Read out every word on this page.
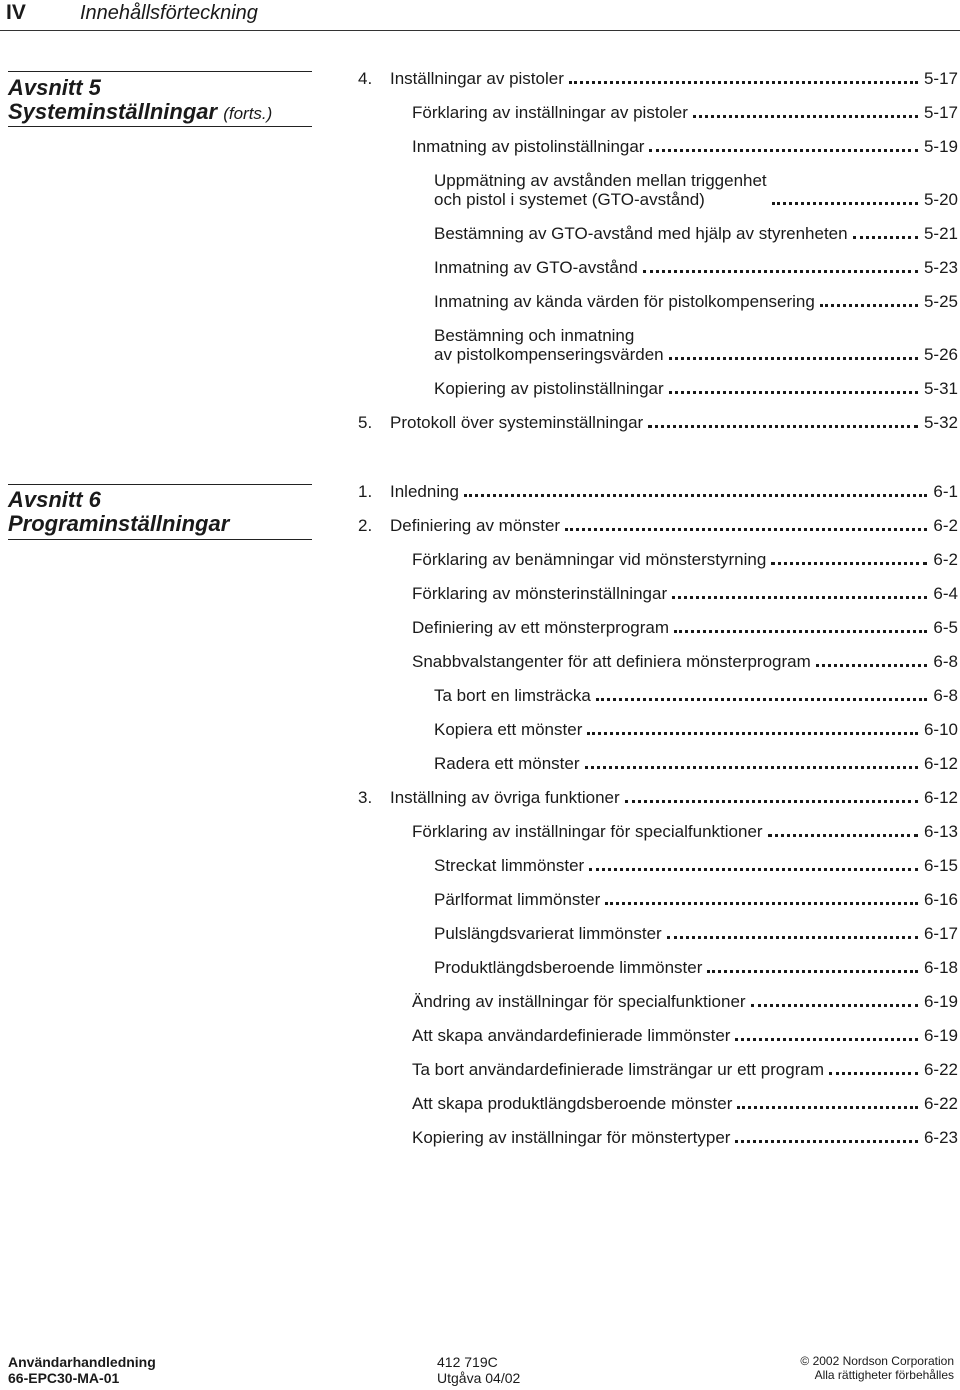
IV	Innehållsförteckning
Avsnitt 5
Systeminställningar (forts.)
4. Inställningar av pistoler	5-17
Förklaring av inställningar av pistoler	5-17
Inmatning av pistolinställningar	5-19
Uppmätning av avstånden mellan triggenhet
och pistol i systemet (GTO-avstånd)	5-20
Bestämning av GTO-avstånd med hjälp av styrenheten	5-21
Inmatning av GTO-avstånd	5-23
Inmatning av kända värden för pistolkompensering	5-25
Bestämning och inmatning
av pistolkompenseringsvärden	5-26
Kopiering av pistolinställningar	5-31
5. Protokoll över systeminställningar	5-32
Avsnitt 6
Programinställningar
1. Inledning	6-1
2. Definiering av mönster	6-2
Förklaring av benämningar vid mönsterstyrning	6-2
Förklaring av mönsterinställningar	6-4
Definiering av ett mönsterprogram	6-5
Snabbvalstangenter för att definiera mönsterprogram	6-8
Ta bort en limsträcka	6-8
Kopiera ett mönster	6-10
Radera ett mönster	6-12
3. Inställning av övriga funktioner	6-12
Förklaring av inställningar för specialfunktioner	6-13
Streckat limmönster	6-15
Pärlformat limmönster	6-16
Pulslängdsvarierat limmönster	6-17
Produktlängdsberoende limmönster	6-18
Ändring av inställningar för specialfunktioner	6-19
Att skapa användardefinierade limmönster	6-19
Ta bort användardefinierade limsträngar ur ett program	6-22
Att skapa produktlängdsberoende mönster	6-22
Kopiering av inställningar för mönstertyper	6-23
Användarhandledning
66-EPC30-MA-01
412 719C
Utgåva 04/02
© 2002 Nordson Corporation
Alla rättigheter förbehålles
